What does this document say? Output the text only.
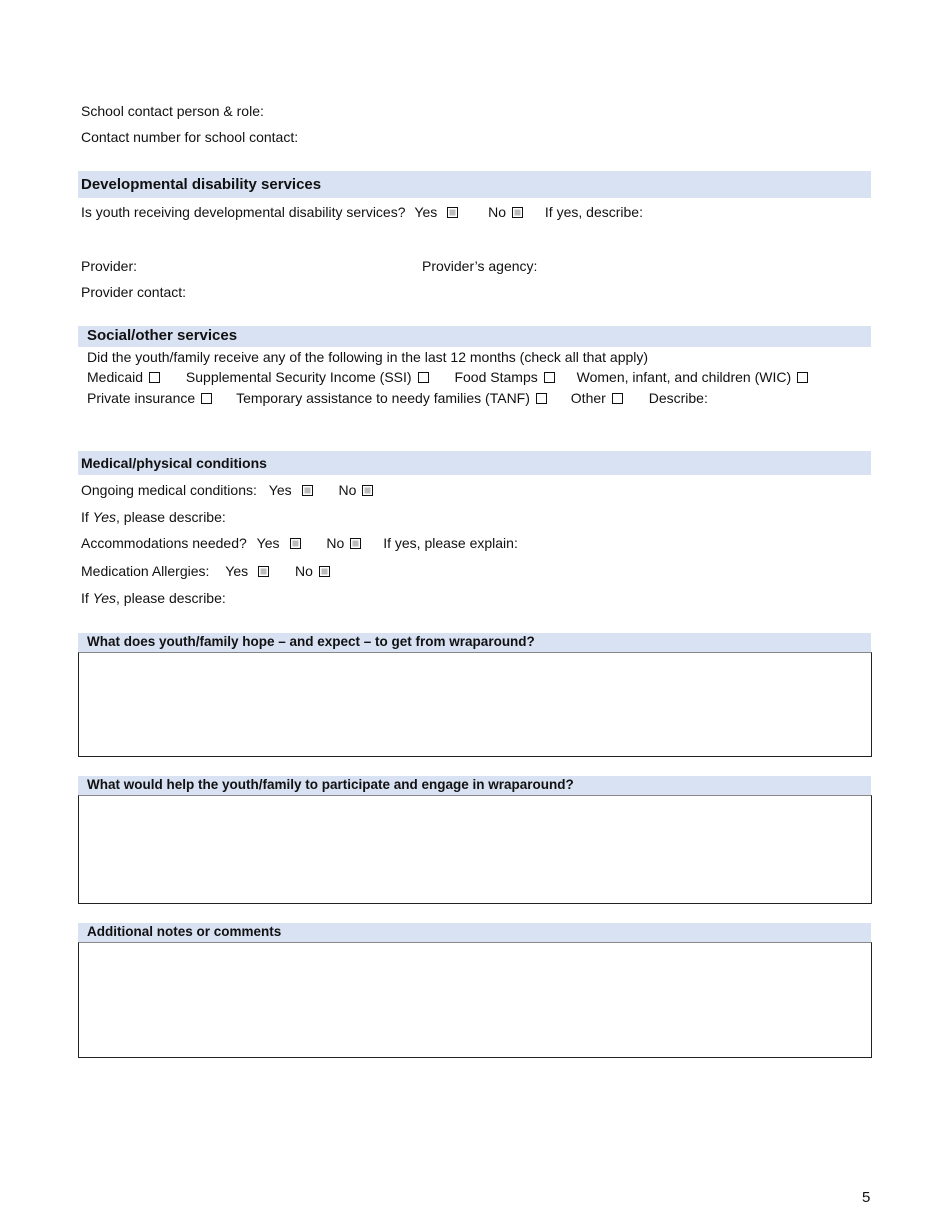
School contact person & role:
Contact number for school contact:
Developmental disability services
Is youth receiving developmental disability services? Yes	No	If yes, describe:
Provider:	Provider’s agency:
Provider contact:
Social/other services
Did the youth/family receive any of the following in the last 12 months (check all that apply)
Medicaid	Supplemental Security Income (SSI)	Food Stamps	Women, infant, and children (WIC)
Private insurance	Temporary assistance to needy families (TANF)	Other	Describe:
Medical/physical conditions
Ongoing medical conditions: Yes	No
If Yes, please describe:
Accommodations needed? Yes	No	If yes, please explain:
Medication Allergies: Yes	No
If Yes, please describe:
What does youth/family hope – and expect – to get from wraparound?
What would help the youth/family to participate and engage in wraparound?
Additional notes or comments
5
